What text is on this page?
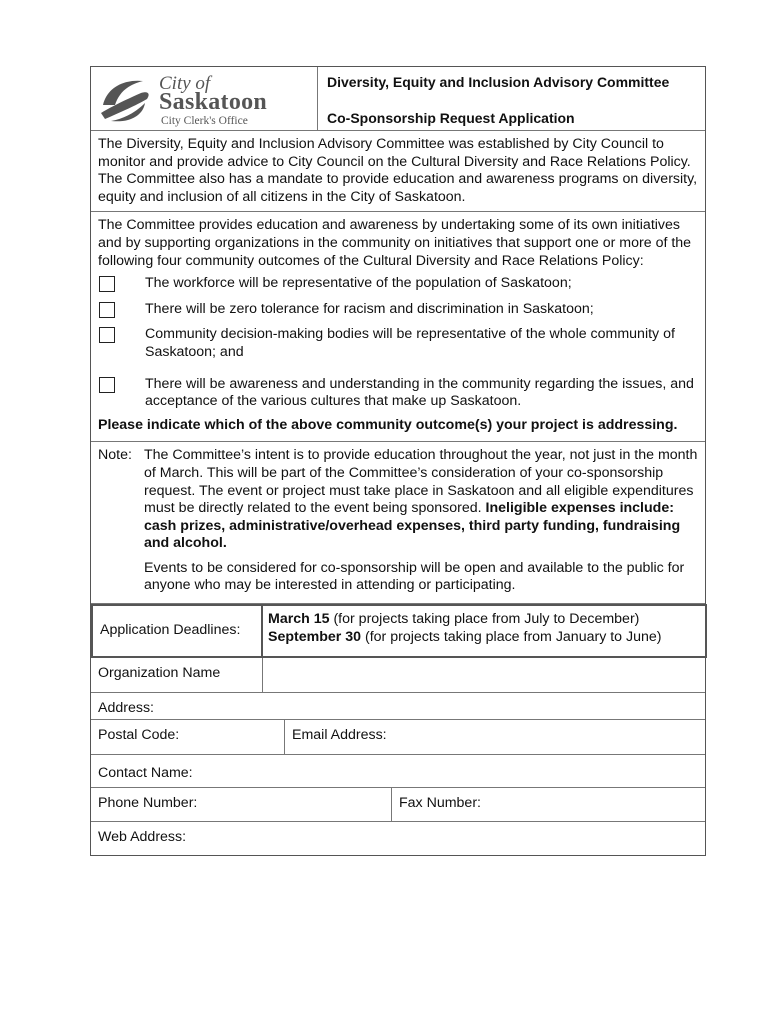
City of
Saskatoon
City Clerk's Office
Diversity, Equity and Inclusion Advisory Committee
Co-Sponsorship Request Application
The Diversity, Equity and Inclusion Advisory Committee was established by City Council to monitor and provide advice to City Council on the Cultural Diversity and Race Relations Policy. The Committee also has a mandate to provide education and awareness programs on diversity, equity and inclusion of all citizens in the City of Saskatoon.
The Committee provides education and awareness by undertaking some of its own initiatives and by supporting organizations in the community on initiatives that support one or more of the following four community outcomes of the Cultural Diversity and Race Relations Policy:
The workforce will be representative of the population of Saskatoon;
There will be zero tolerance for racism and discrimination in Saskatoon;
Community decision-making bodies will be representative of the whole community of Saskatoon; and
There will be awareness and understanding in the community regarding the issues, and acceptance of the various cultures that make up Saskatoon.
Please indicate which of the above community outcome(s) your project is addressing.
Note: The Committee’s intent is to provide education throughout the year, not just in the month of March. This will be part of the Committee’s consideration of your co-sponsorship request. The event or project must take place in Saskatoon and all eligible expenditures must be directly related to the event being sponsored. Ineligible expenses include: cash prizes, administrative/overhead expenses, third party funding, fundraising and alcohol.

Events to be considered for co-sponsorship will be open and available to the public for anyone who may be interested in attending or participating.

Application Deadlines:
March 15 (for projects taking place from July to December)
September 30 (for projects taking place from January to June)
Organization Name
Address:
Postal Code:	Email Address:
Contact Name:
Phone Number:	Fax Number:
Web Address:
